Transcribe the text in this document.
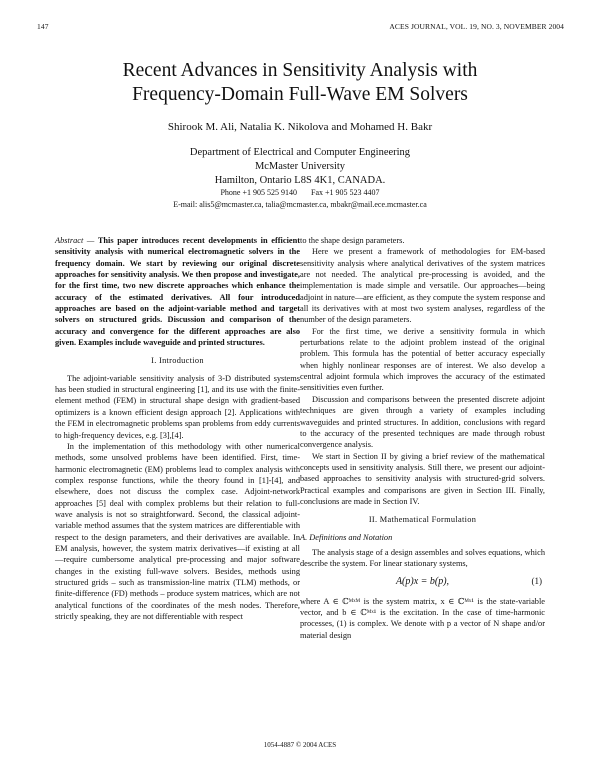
147	ACES JOURNAL, VOL. 19, NO. 3, NOVEMBER 2004
Recent Advances in Sensitivity Analysis with
Frequency-Domain Full-Wave EM Solvers
Shirook M. Ali, Natalia K. Nikolova and Mohamed H. Bakr
Department of Electrical and Computer Engineering
McMaster University
Hamilton, Ontario L8S 4K1, CANADA.
Phone +1 905 525 9140       Fax +1 905 523 4407
E-mail: alis5@mcmaster.ca, talia@mcmaster.ca, mbakr@mail.ece.mcmaster.ca

Abstract — This paper introduces recent developments in efficient sensitivity analysis with numerical electromagnetic solvers in the frequency domain. We start by reviewing our original discrete approaches for sensitivity analysis. We then propose and investigate, for the first time, two new discrete approaches which enhance the accuracy of the estimated derivatives. All four introduced approaches are based on the adjoint-variable method and target solvers on structured grids. Discussion and comparison of the accuracy and convergence for the different approaches are also given. Examples include waveguide and printed structures.

I. Introduction

The adjoint-variable sensitivity analysis of 3-D distributed systems has been studied in structural engineering [1], and its use with the finite-element method (FEM) in structural shape design with gradient-based optimizers is a known efficient design approach [2]. Applications with the FEM in electromagnetic problems span problems from eddy currents to high-frequency devices, e.g. [3],[4].

In the implementation of this methodology with other numerical methods, some unsolved problems have been identified. First, time-harmonic electromagnetic (EM) problems lead to complex analysis with complex response functions, while the theory found in [1]-[4], and elsewhere, does not discuss the complex case. Adjoint-network approaches [5] deal with complex problems but their relation to full-wave analysis is not so straightforward. Second, the classical adjoint-variable method assumes that the system matrices are differentiable with respect to the design parameters, and their derivatives are available. In EM analysis, however, the system matrix derivatives—if existing at all—require cumbersome analytical pre-processing and major software changes in the existing full-wave solvers. Besides, methods using structured grids – such as transmission-line matrix (TLM) methods, or finite-difference (FD) methods – produce system matrices, which are not analytical functions of the coordinates of the mesh nodes. Therefore, strictly speaking, they are not differentiable with respect

to the shape design parameters.

Here we present a framework of methodologies for EM-based sensitivity analysis where analytical derivatives of the system matrices are not needed. The analytical pre-processing is avoided, and the implementation is made simple and versatile. Our approaches—being adjoint in nature—are efficient, as they compute the system response and all its derivatives with at most two system analyses, regardless of the number of the design parameters.

For the first time, we derive a sensitivity formula in which perturbations relate to the adjoint problem instead of the original problem. This formula has the potential of better accuracy especially when highly nonlinear responses are of interest. We also develop a central adjoint formula which improves the accuracy of the estimated sensitivities even further.

Discussion and comparisons between the presented discrete adjoint techniques are given through a variety of examples including waveguides and printed structures. In addition, conclusions with regard to the accuracy of the presented techniques are made through robust convergence analysis.

We start in Section II by giving a brief review of the mathematical concepts used in sensitivity analysis. Still there, we present our adjoint-based approaches to sensitivity analysis with structured-grid solvers. Practical examples and comparisons are given in Section III. Finally, conclusions are made in Section IV.

II. Mathematical Formulation

A. Definitions and Notation

The analysis stage of a design assembles and solves equations, which describe the system. For linear stationary systems,

A(p)x = b(p),	(1)

where A ∈ ℂᴹˣᴹ is the system matrix, x ∈ ℂᴹˣ¹ is the state-variable vector, and b ∈ ℂᴹˣ¹ is the excitation. In the case of time-harmonic processes, (1) is complex. We denote with p a vector of N shape and/or material design

1054-4887 © 2004 ACES
